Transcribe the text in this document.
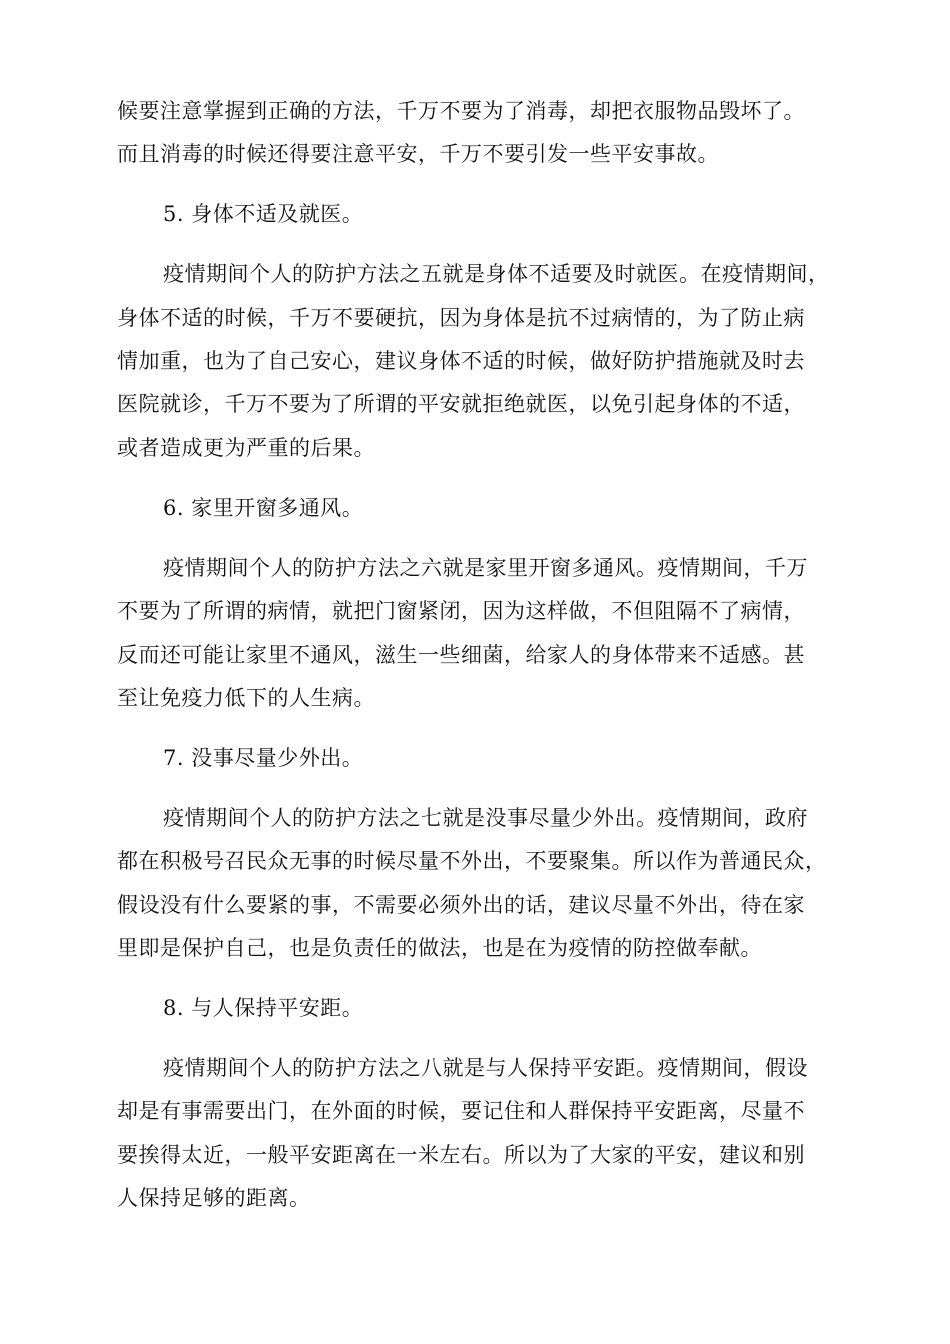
候要注意掌握到正确的方法，千万不要为了消毒，却把衣服物品毁坏了。
而且消毒的时候还得要注意平安，千万不要引发一些平安事故。
5. 身体不适及就医。
疫情期间个人的防护方法之五就是身体不适要及时就医。在疫情期间，
身体不适的时候，千万不要硬抗，因为身体是抗不过病情的，为了防止病
情加重，也为了自己安心，建议身体不适的时候，做好防护措施就及时去
医院就诊，千万不要为了所谓的平安就拒绝就医，以免引起身体的不适，
或者造成更为严重的后果。
6. 家里开窗多通风。
疫情期间个人的防护方法之六就是家里开窗多通风。疫情期间，千万
不要为了所谓的病情，就把门窗紧闭，因为这样做，不但阻隔不了病情，
反而还可能让家里不通风，滋生一些细菌，给家人的身体带来不适感。甚
至让免疫力低下的人生病。
7. 没事尽量少外出。
疫情期间个人的防护方法之七就是没事尽量少外出。疫情期间，政府
都在积极号召民众无事的时候尽量不外出，不要聚集。所以作为普通民众，
假设没有什么要紧的事，不需要必须外出的话，建议尽量不外出，待在家
里即是保护自己，也是负责任的做法，也是在为疫情的防控做奉献。
8. 与人保持平安距。
疫情期间个人的防护方法之八就是与人保持平安距。疫情期间，假设
却是有事需要出门，在外面的时候，要记住和人群保持平安距离，尽量不
要挨得太近，一般平安距离在一米左右。所以为了大家的平安，建议和别
人保持足够的距离。
